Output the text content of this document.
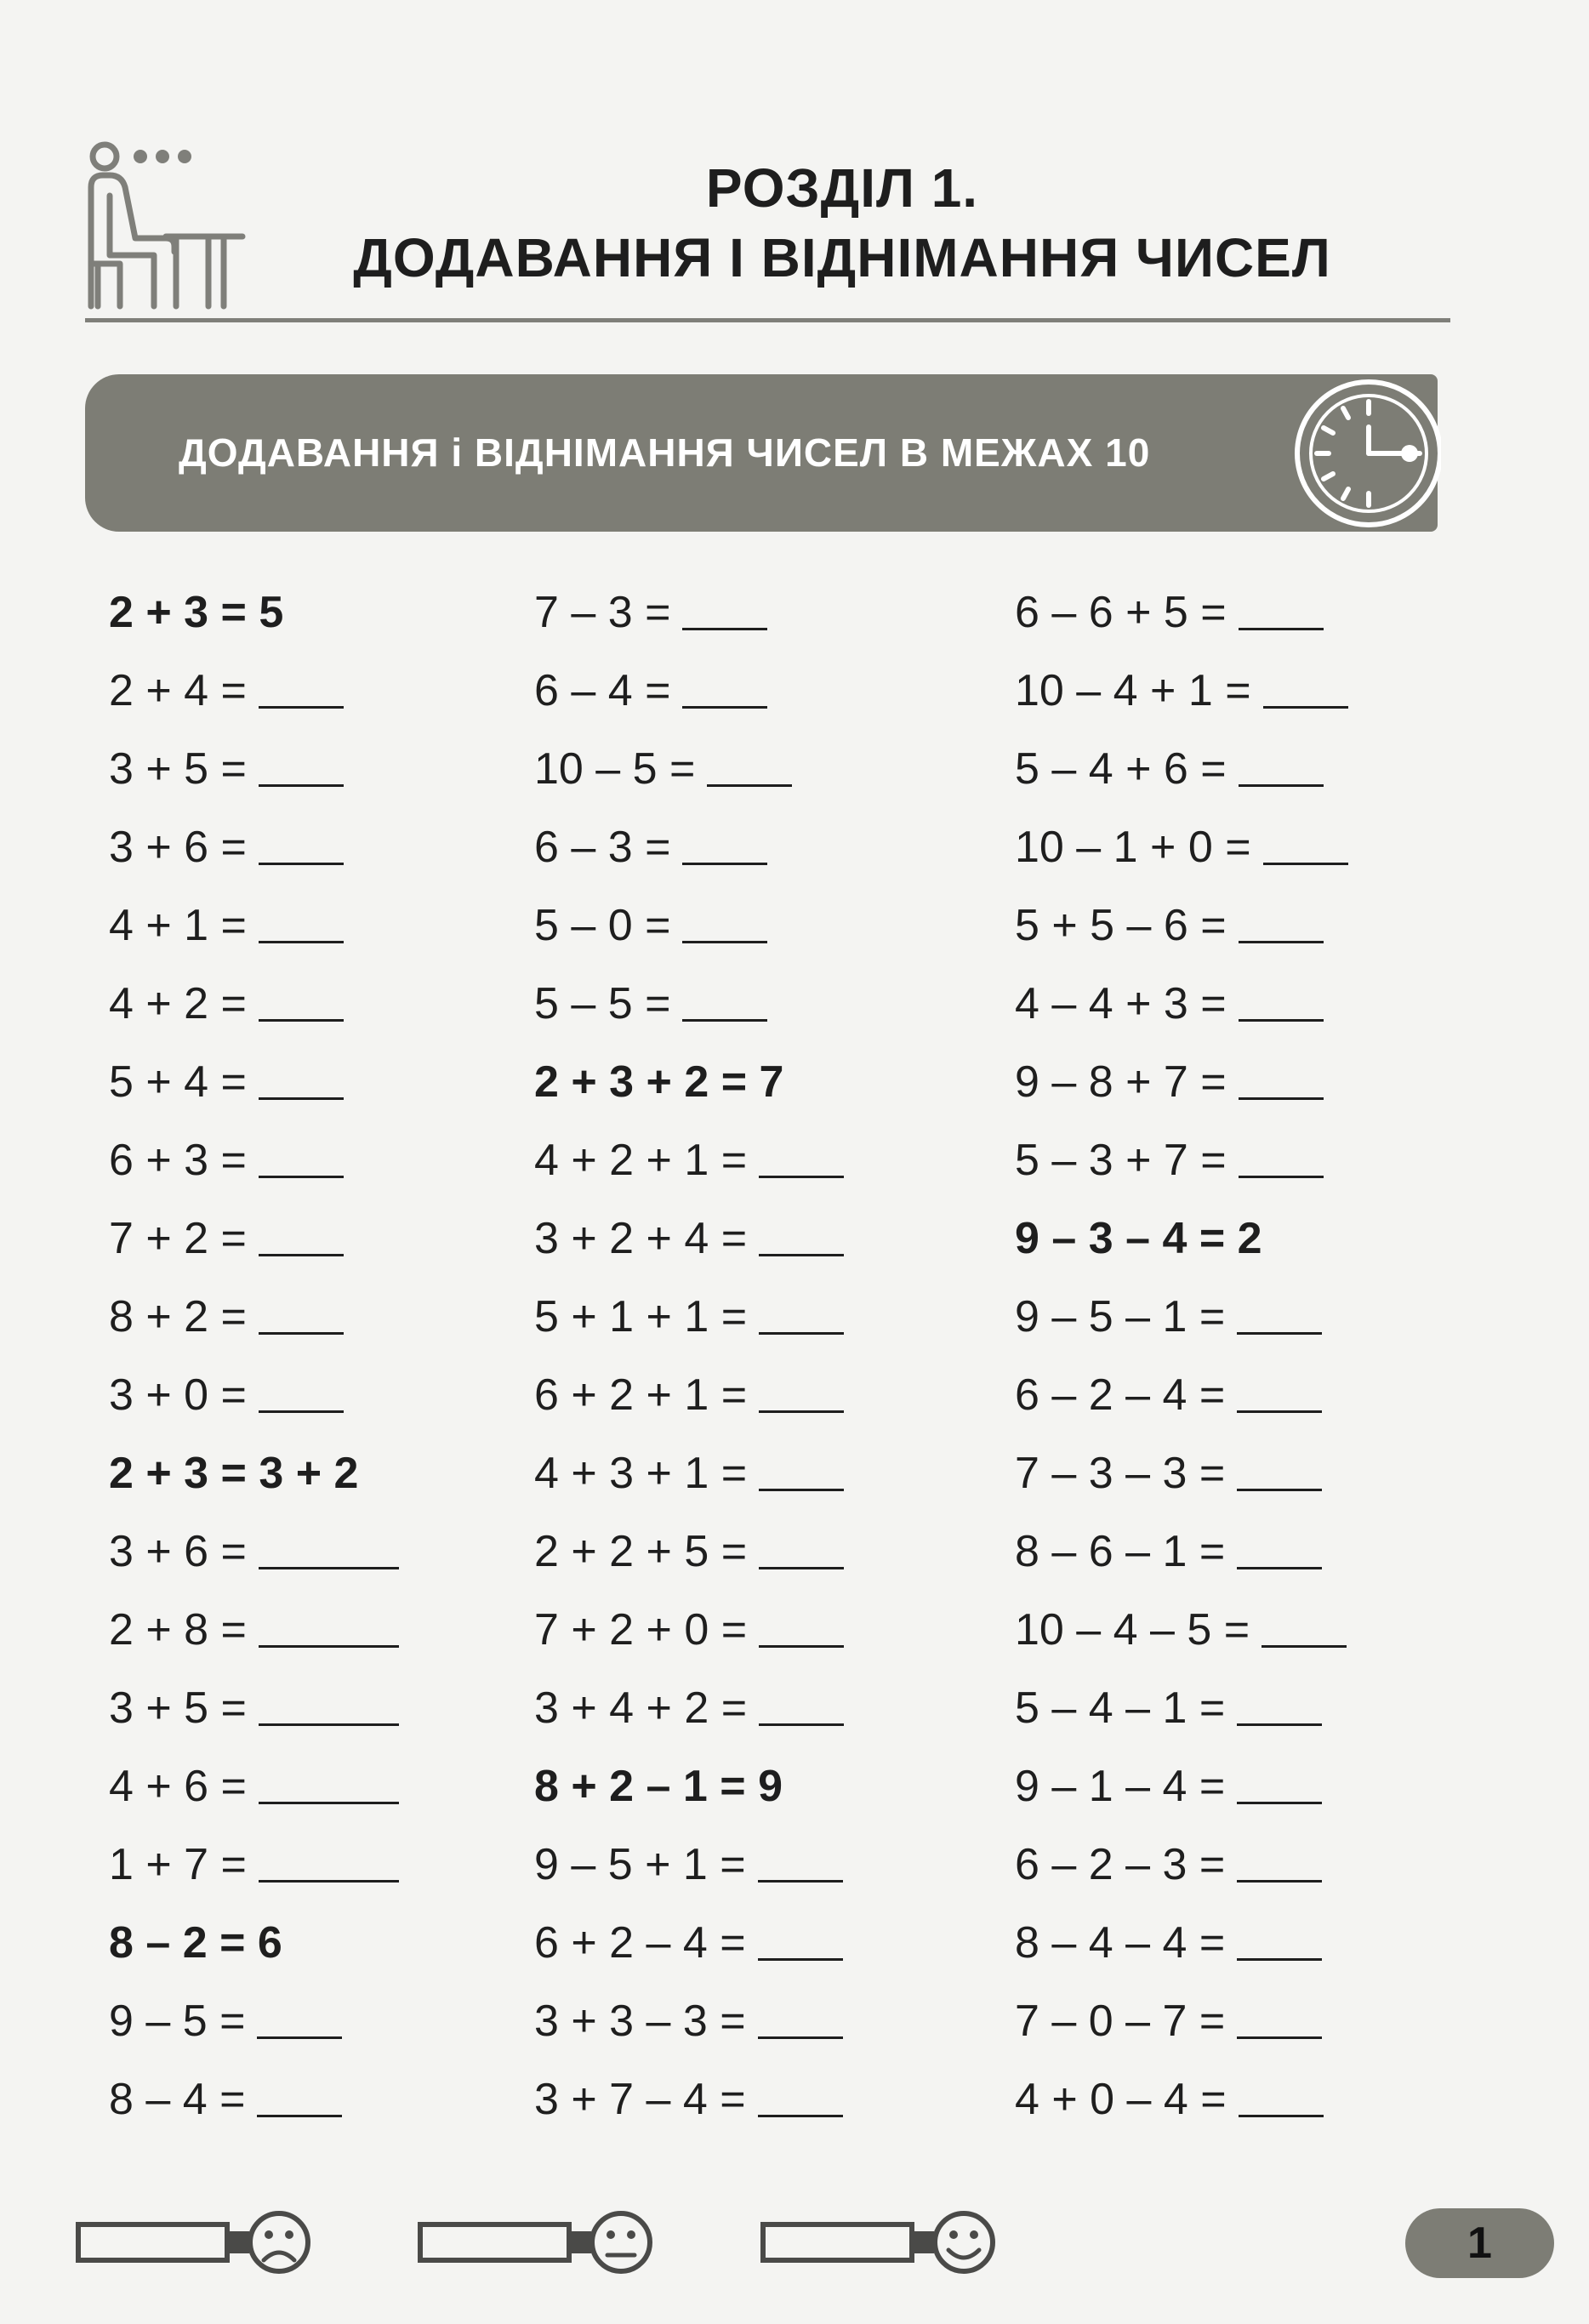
РОЗДІЛ 1.
ДОДАВАННЯ І ВІДНІМАННЯ ЧИСЕЛ
ДОДАВАННЯ і ВІДНІМАННЯ ЧИСЕЛ В МЕЖАХ 10
2 + 3 = 5
2 + 4 =
3 + 5 =
3 + 6 =
4 + 1 =
4 + 2 =
5 + 4 =
6 + 3 =
7 + 2 =
8 + 2 =
3 + 0 =
2 + 3 = 3 + 2
3 + 6 =
2 + 8 =
3 + 5 =
4 + 6 =
1 + 7 =
8 – 2 = 6
9 – 5 =
8 – 4 =
7 – 3 =
6 – 4 =
10 – 5 =
6 – 3 =
5 – 0 =
5 – 5 =
2 + 3 + 2 = 7
4 + 2 + 1 =
3 + 2 + 4 =
5 + 1 + 1 =
6 + 2 + 1 =
4 + 3 + 1 =
2 + 2 + 5 =
7 + 2 + 0 =
3 + 4 + 2 =
8 + 2 – 1 = 9
9 – 5 + 1 =
6 + 2 – 4 =
3 + 3 – 3 =
3 + 7 – 4 =
6 – 6 + 5 =
10 – 4 + 1 =
5 – 4 + 6 =
10 – 1 + 0 =
5 + 5 – 6 =
4 – 4 + 3 =
9 – 8 + 7 =
5 – 3 + 7 =
9 – 3 – 4 = 2
9 – 5 – 1 =
6 – 2 – 4 =
7 – 3 – 3 =
8 – 6 – 1 =
10 – 4 – 5 =
5 – 4 – 1 =
9 – 1 – 4 =
6 – 2 – 3 =
8 – 4 – 4 =
7 – 0 – 7 =
4 + 0 – 4 =
1
